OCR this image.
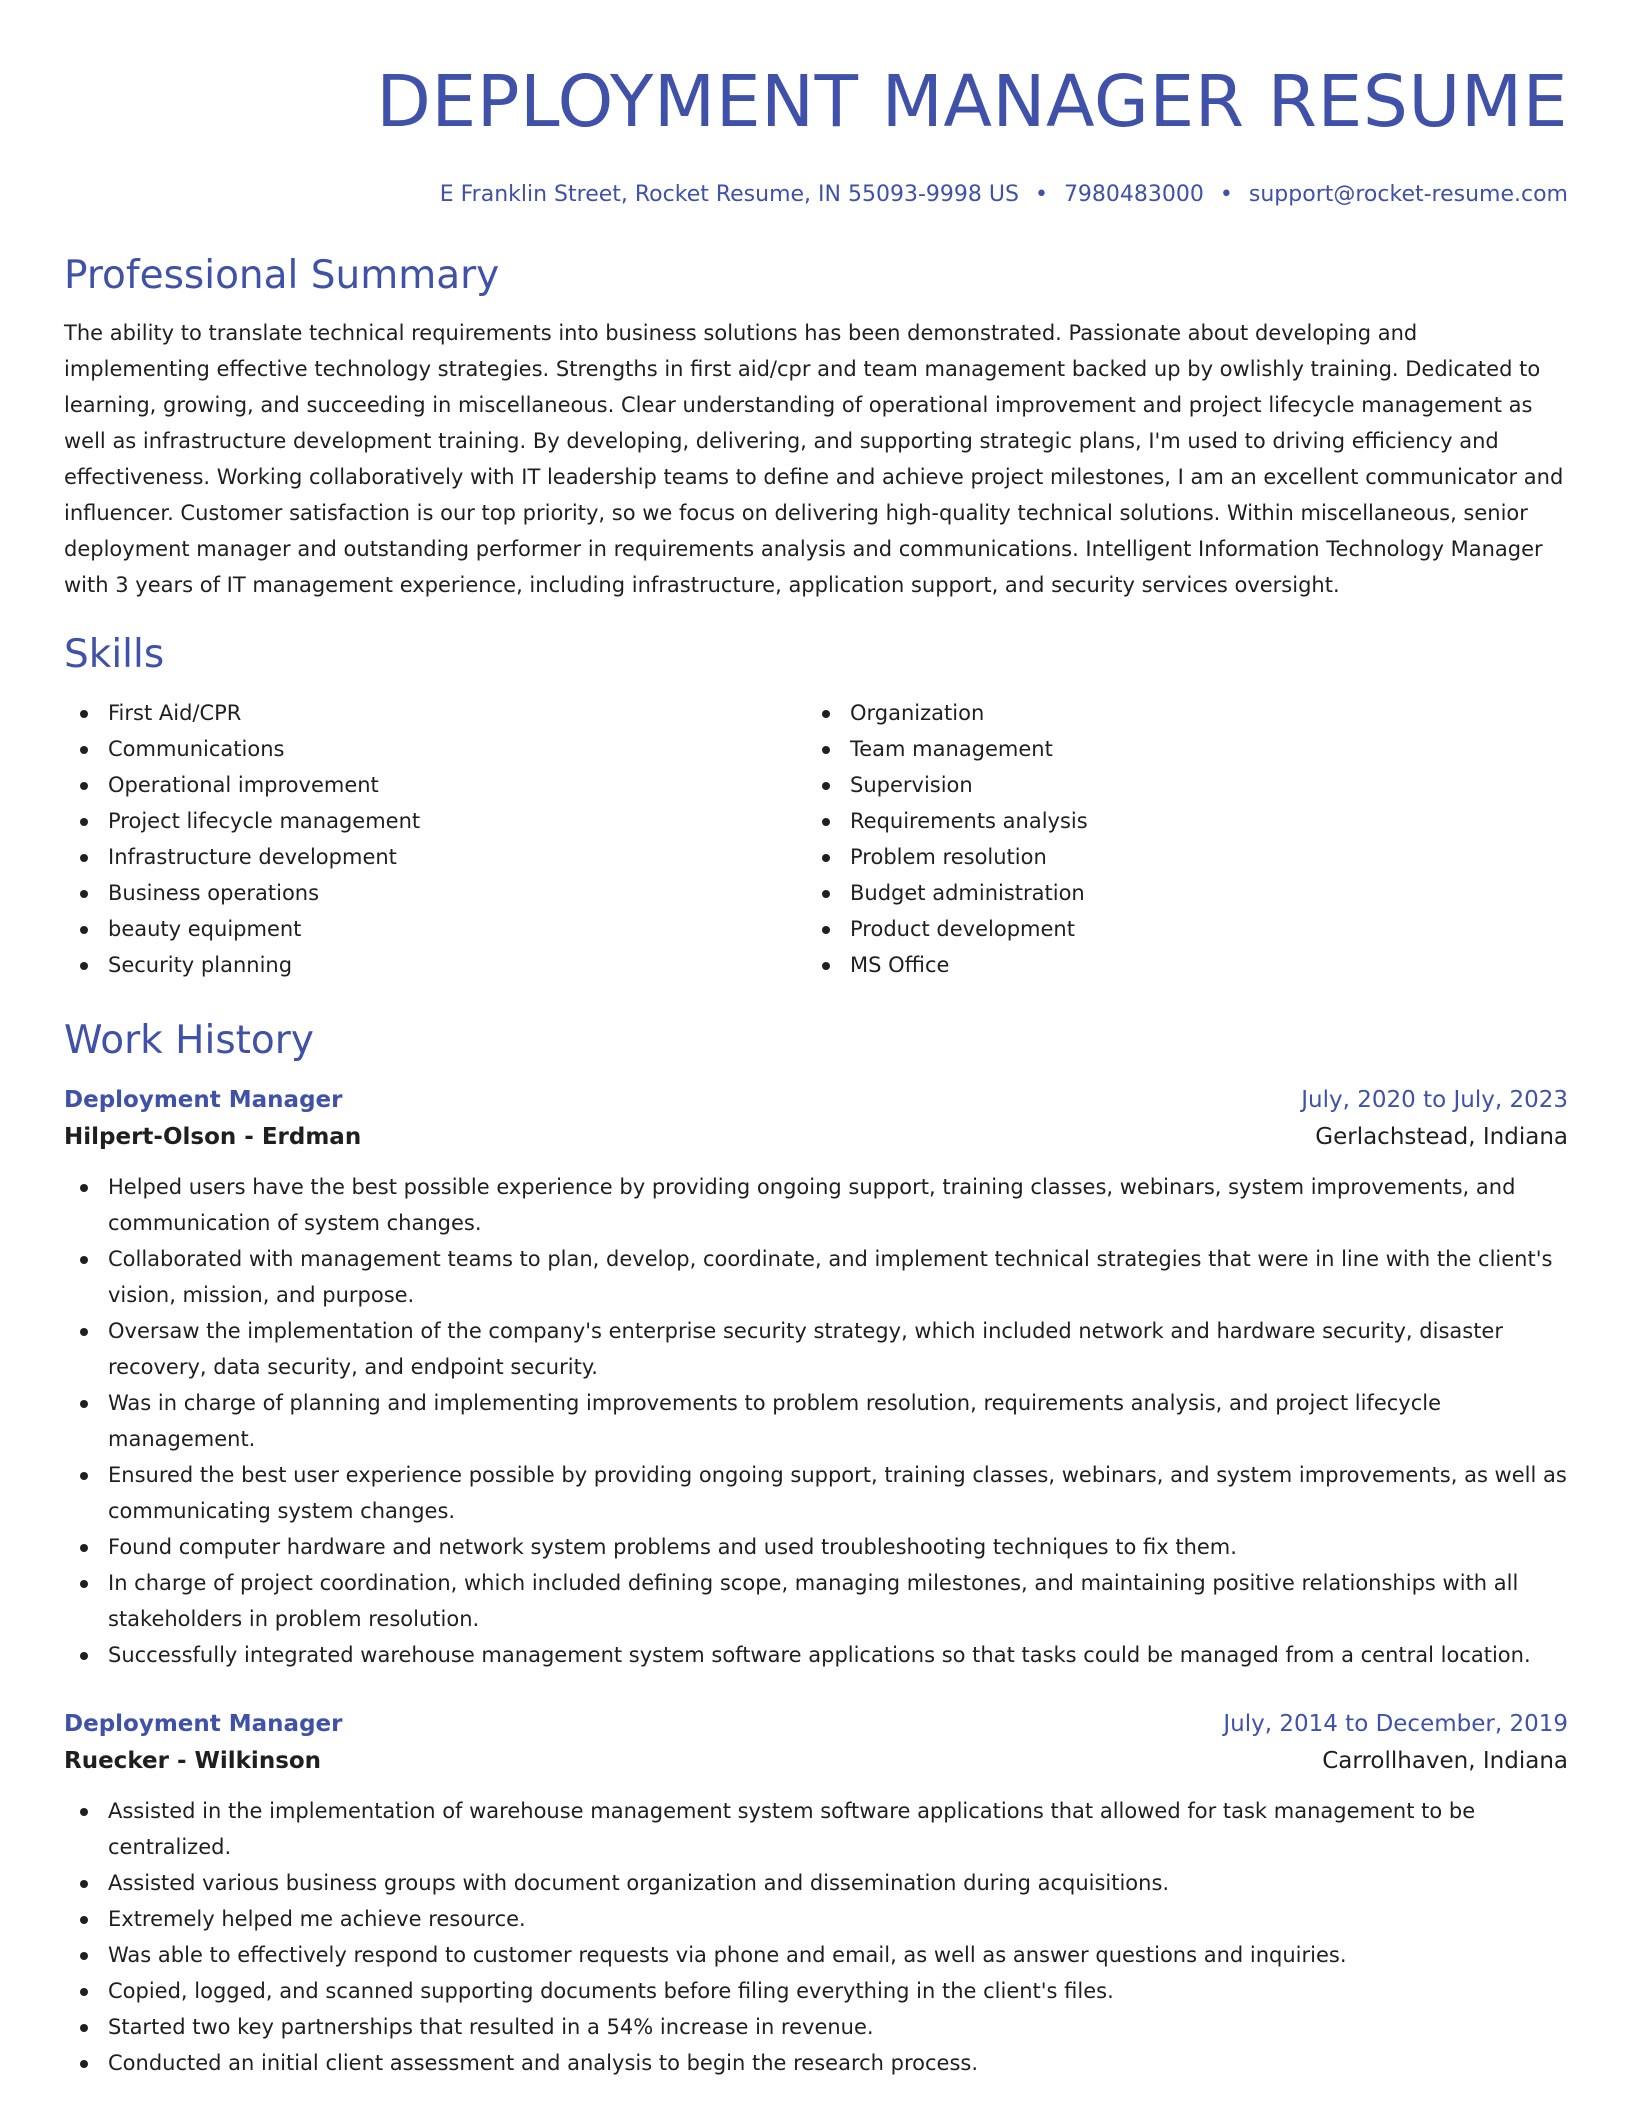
DEPLOYMENT MANAGER RESUME
E Franklin Street, Rocket Resume, IN 55093-9998 US • 7980483000 • support@rocket-resume.com
Professional Summary

The ability to translate technical requirements into business solutions has been demonstrated. Passionate about developing and implementing effective technology strategies. Strengths in first aid/cpr and team management backed up by owlishly training. Dedicated to learning, growing, and succeeding in miscellaneous. Clear understanding of operational improvement and project lifecycle management as well as infrastructure development training. By developing, delivering, and supporting strategic plans, I'm used to driving efficiency and effectiveness. Working collaboratively with IT leadership teams to define and achieve project milestones, I am an excellent communicator and influencer. Customer satisfaction is our top priority, so we focus on delivering high-quality technical solutions. Within miscellaneous, senior deployment manager and outstanding performer in requirements analysis and communications. Intelligent Information Technology Manager with 3 years of IT management experience, including infrastructure, application support, and security services oversight.

Skills
First Aid/CPR
Communications
Operational improvement
Project lifecycle management
Infrastructure development
Business operations
beauty equipment
Security planning
Organization
Team management
Supervision
Requirements analysis
Problem resolution
Budget administration
Product development
MS Office
Work History
Deployment Manager	July, 2020 to July, 2023
Hilpert-Olson - Erdman	Gerlachstead, Indiana
Helped users have the best possible experience by providing ongoing support, training classes, webinars, system improvements, and communication of system changes.
Collaborated with management teams to plan, develop, coordinate, and implement technical strategies that were in line with the client's vision, mission, and purpose.
Oversaw the implementation of the company's enterprise security strategy, which included network and hardware security, disaster recovery, data security, and endpoint security.
Was in charge of planning and implementing improvements to problem resolution, requirements analysis, and project lifecycle management.
Ensured the best user experience possible by providing ongoing support, training classes, webinars, and system improvements, as well as communicating system changes.
Found computer hardware and network system problems and used troubleshooting techniques to fix them.
In charge of project coordination, which included defining scope, managing milestones, and maintaining positive relationships with all stakeholders in problem resolution.
Successfully integrated warehouse management system software applications so that tasks could be managed from a central location.
Deployment Manager	July, 2014 to December, 2019
Ruecker - Wilkinson	Carrollhaven, Indiana
Assisted in the implementation of warehouse management system software applications that allowed for task management to be centralized.
Assisted various business groups with document organization and dissemination during acquisitions.
Extremely helped me achieve resource.
Was able to effectively respond to customer requests via phone and email, as well as answer questions and inquiries.
Copied, logged, and scanned supporting documents before filing everything in the client's files.
Started two key partnerships that resulted in a 54% increase in revenue.
Conducted an initial client assessment and analysis to begin the research process.
